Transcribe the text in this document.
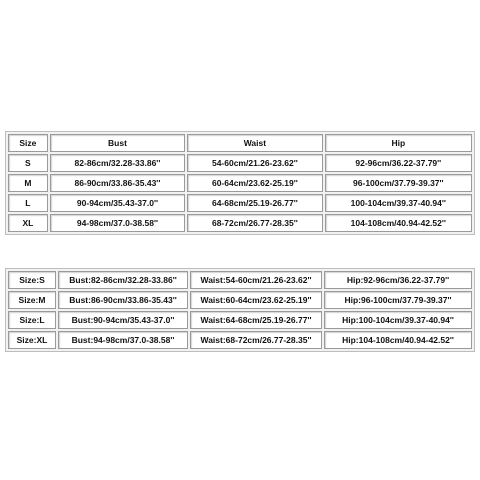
Size	Bust	Waist	Hip
S	82-86cm/32.28-33.86''	54-60cm/21.26-23.62''	92-96cm/36.22-37.79''
M	86-90cm/33.86-35.43''	60-64cm/23.62-25.19''	96-100cm/37.79-39.37''
L	90-94cm/35.43-37.0''	64-68cm/25.19-26.77''	100-104cm/39.37-40.94''
XL	94-98cm/37.0-38.58''	68-72cm/26.77-28.35''	104-108cm/40.94-42.52''
Size:S	Bust:82-86cm/32.28-33.86''	Waist:54-60cm/21.26-23.62''	Hip:92-96cm/36.22-37.79''
Size:M	Bust:86-90cm/33.86-35.43''	Waist:60-64cm/23.62-25.19''	Hip:96-100cm/37.79-39.37''
Size:L	Bust:90-94cm/35.43-37.0''	Waist:64-68cm/25.19-26.77''	Hip:100-104cm/39.37-40.94''
Size:XL	Bust:94-98cm/37.0-38.58''	Waist:68-72cm/26.77-28.35''	Hip:104-108cm/40.94-42.52''
